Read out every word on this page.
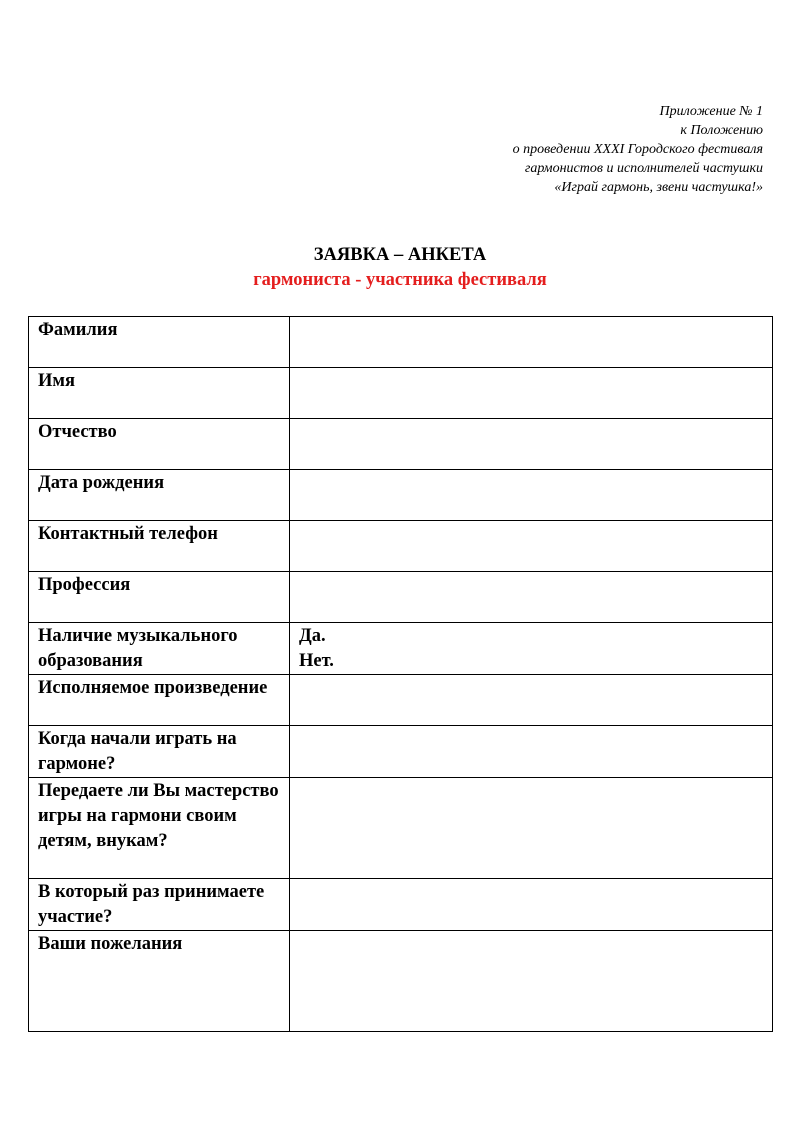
Приложение № 1
к Положению
о проведении XXXI Городского фестиваля
гармонистов и исполнителей частушки
«Играй гармонь, звени частушка!»
ЗАЯВКА – АНКЕТА
гармониста - участника фестиваля
Фамилия	

Имя	

Отчество	

Дата рождения	

Контактный телефон	

Профессия	

Наличие музыкального образования	Да.
Нет.

Исполняемое произведение	

Когда начали играть на гармоне?	

Передаете ли Вы мастерство игры на гармони своим детям, внукам?	

В который раз принимаете участие?	

Ваши пожелания	
